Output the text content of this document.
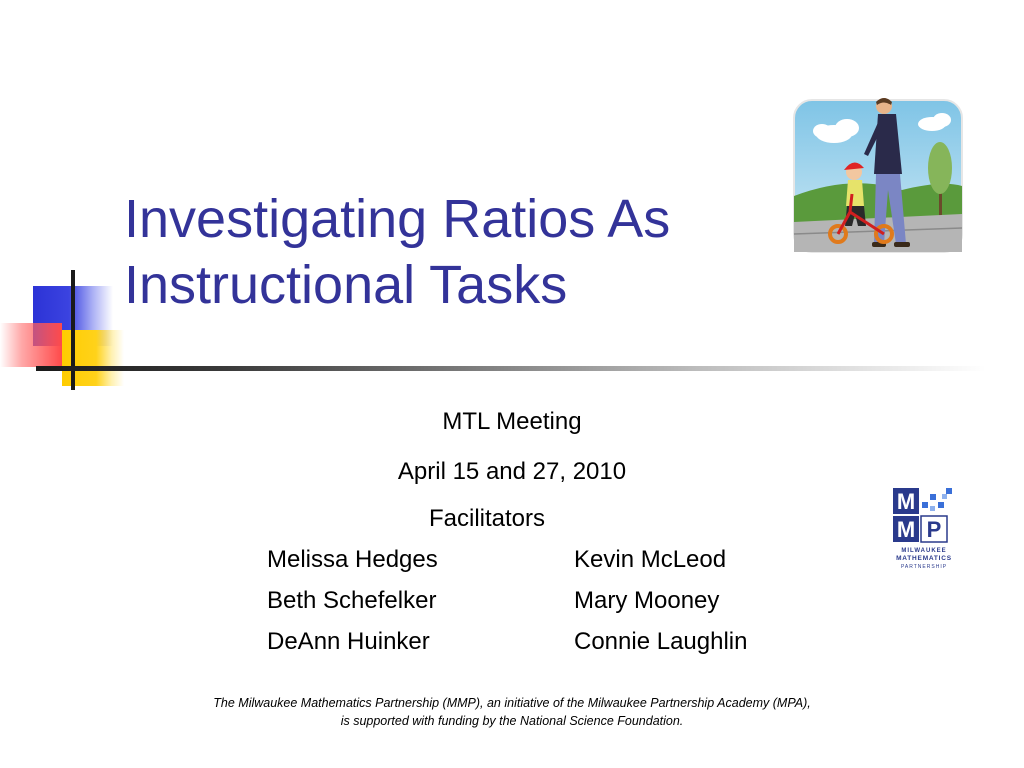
Investigating Ratios As
Instructional Tasks
MTL Meeting
April 15 and 27, 2010
Facilitators
Melissa Hedges
Beth Schefelker
DeAnn Huinker
Kevin McLeod
Mary Mooney
Connie Laughlin
M
M P
MILWAUKEE
MATHEMATICS
PARTNERSHIP
The Milwaukee Mathematics Partnership (MMP), an initiative of the Milwaukee Partnership Academy (MPA),
is supported with funding by the National Science Foundation.
